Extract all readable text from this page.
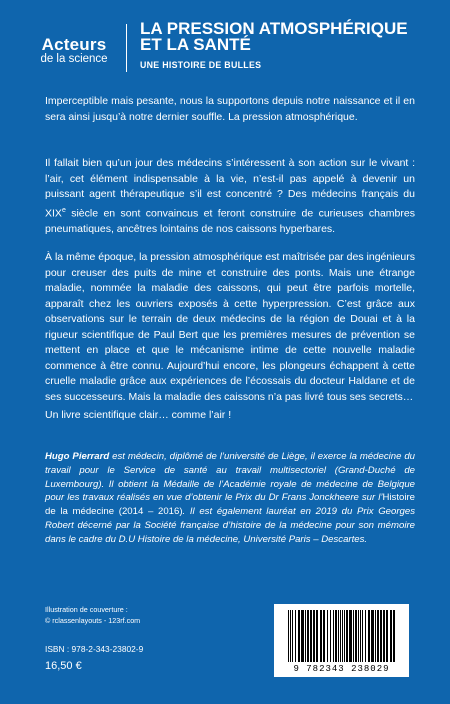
Acteurs
de la science
LA PRESSION ATMOSPHÉRIQUE
ET LA SANTÉ
UNE HISTOIRE DE BULLES

Imperceptible mais pesante, nous la supportons depuis notre naissance et il en sera ainsi jusqu’à notre dernier souffle. La pression atmosphérique.

Il fallait bien qu’un jour des médecins s’intéressent à son action sur le vivant : l’air, cet élément indispensable à la vie, n’est-il pas appelé à devenir un puissant agent thérapeutique s’il est concentré ? Des médecins français du XIXe siècle en sont convaincus et feront construire de curieuses chambres pneumatiques, ancêtres lointains de nos caissons hyperbares.

À la même époque, la pression atmosphérique est maîtrisée par des ingénieurs pour creuser des puits de mine et construire des ponts. Mais une étrange maladie, nommée la maladie des caissons, qui peut être parfois mortelle, apparaît chez les ouvriers exposés à cette hyperpression. C’est grâce aux observations sur le terrain de deux médecins de la région de Douai et à la rigueur scientifique de Paul Bert que les premières mesures de prévention se mettent en place et que le mécanisme intime de cette nouvelle maladie commence à être connu. Aujourd’hui encore, les plongeurs échappent à cette cruelle maladie grâce aux expériences de l’écossais du docteur Haldane et de ses successeurs. Mais la maladie des caissons n’a pas livré tous ses secrets…

Un livre scientifique clair… comme l’air !

Hugo Pierrard est médecin, diplômé de l’université de Liège, il exerce la médecine du travail pour le Service de santé au travail multisectoriel (Grand-Duché de Luxembourg). Il obtient la Médaille de l’Académie royale de médecine de Belgique pour les travaux réalisés en vue d’obtenir le Prix du Dr Frans Jonckheere sur l’Histoire de la médecine (2014 – 2016). Il est également lauréat en 2019 du Prix Georges Robert décerné par la Société française d’histoire de la médecine pour son mémoire dans le cadre du D.U Histoire de la médecine, Université Paris – Descartes.

Illustration de couverture :
© rclassenlayouts - 123rf.com
ISBN : 978-2-343-23802-9
16,50 €	9 782343 238029
